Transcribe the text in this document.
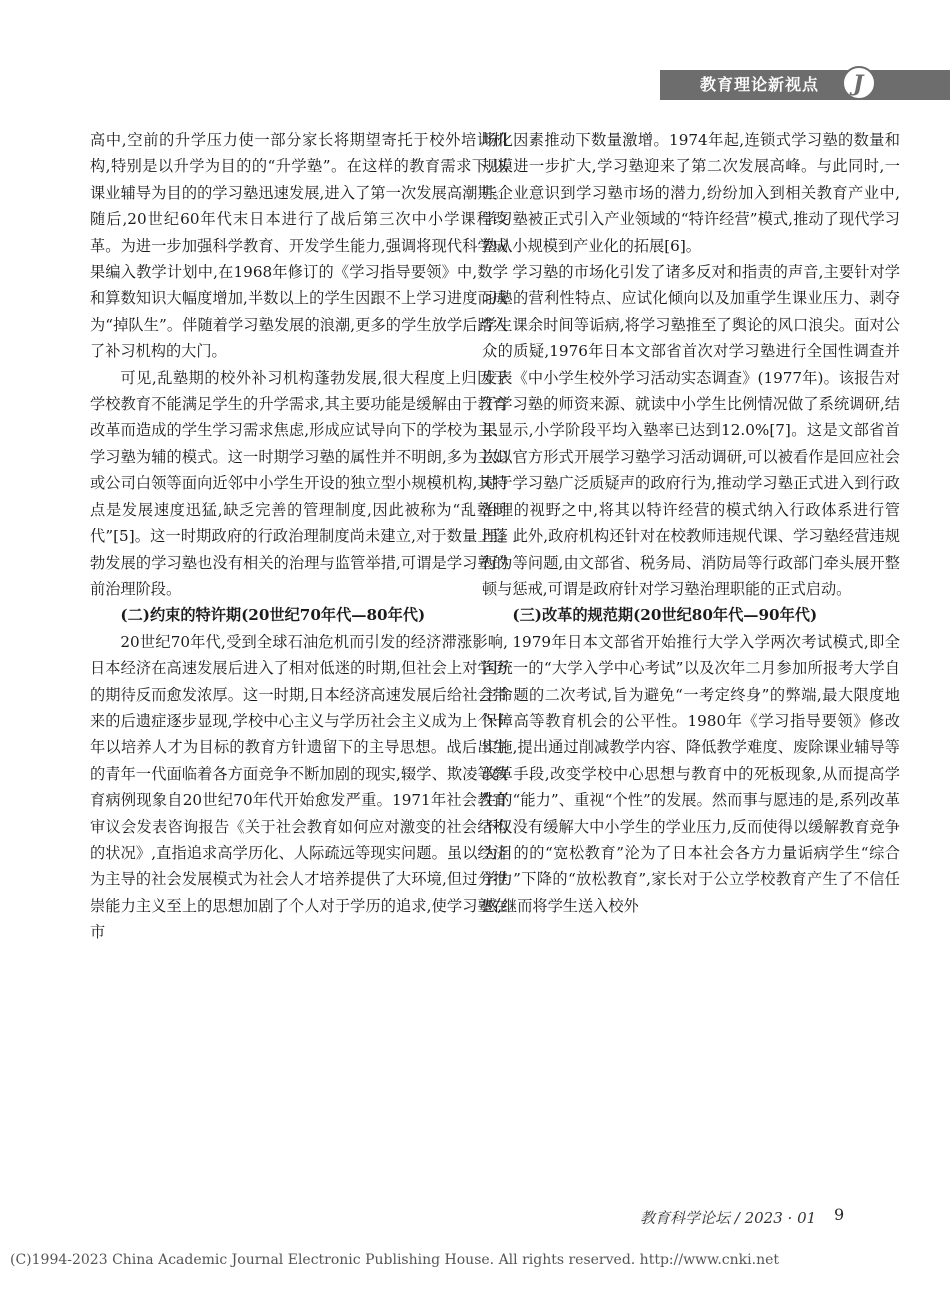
教育理论新视点 J

高中,空前的升学压力使一部分家长将期望寄托于校外培训机构,特别是以升学为目的的“升学塾”。在这样的教育需求下,以课业辅导为目的的学习塾迅速发展,进入了第一次发展高潮期。随后,20世纪60年代末日本进行了战后第三次中小学课程改革。为进一步加强科学教育、开发学生能力,强调将现代科学成果编入教学计划中,在1968年修订的《学习指导要领》中,数学和算数知识大幅度增加,半数以上的学生因跟不上学习进度而成为“掉队生”。伴随着学习塾发展的浪潮,更多的学生放学后踏入了补习机构的大门。

可见,乱塾期的校外补习机构蓬勃发展,很大程度上归因于学校教育不能满足学生的升学需求,其主要功能是缓解由于教育改革而造成的学生学习需求焦虑,形成应试导向下的学校为主、学习塾为辅的模式。这一时期学习塾的属性并不明朗,多为主妇或公司白领等面向近邻中小学生开设的独立型小规模机构,其特点是发展速度迅猛,缺乏完善的管理制度,因此被称为“乱塾时代”[5]。这一时期政府的行政治理制度尚未建立,对于数量上蓬勃发展的学习塾也没有相关的治理与监管举措,可谓是学习塾的前治理阶段。

(二)约束的特许期(20世纪70年代—80年代)

20世纪70年代,受到全球石油危机而引发的经济滞涨影响,日本经济在高速发展后进入了相对低迷的时期,但社会上对学历的期待反而愈发浓厚。这一时期,日本经济高速发展后给社会带来的后遗症逐步显现,学校中心主义与学历社会主义成为上个十年以培养人才为目标的教育方针遗留下的主导思想。战后出生的青年一代面临着各方面竞争不断加剧的现实,辍学、欺凌等教育病例现象自20世纪70年代开始愈发严重。1971年社会教育审议会发表咨询报告《关于社会教育如何应对激变的社会结构的状况》,直指追求高学历化、人际疏远等现实问题。虽以经济为主导的社会发展模式为社会人才培养提供了大环境,但过分推崇能力主义至上的思想加剧了个人对于学历的追求,使学习塾在市

场化因素推动下数量激增。1974年起,连锁式学习塾的数量和规模进一步扩大,学习塾迎来了第二次发展高峰。与此同时,一些企业意识到学习塾市场的潜力,纷纷加入到相关教育产业中,学习塾被正式引入产业领域的“特许经营”模式,推动了现代学习塾从小规模到产业化的拓展[6]。

学习塾的市场化引发了诸多反对和指责的声音,主要针对学习塾的营利性特点、应试化倾向以及加重学生课业压力、剥夺学生课余时间等诟病,将学习塾推至了舆论的风口浪尖。面对公众的质疑,1976年日本文部省首次对学习塾进行全国性调查并发表《中小学生校外学习活动实态调查》(1977年)。该报告对于学习塾的师资来源、就读中小学生比例情况做了系统调研,结果显示,小学阶段平均入塾率已达到12.0%[7]。这是文部省首次以官方形式开展学习塾学习活动调研,可以被看作是回应社会对于学习塾广泛质疑声的政府行为,推动学习塾正式进入到行政治理的视野之中,将其以特许经营的模式纳入行政体系进行管理。此外,政府机构还针对在校教师违规代课、学习塾经营违规行为等问题,由文部省、税务局、消防局等行政部门牵头展开整顿与惩戒,可谓是政府针对学习塾治理职能的正式启动。

(三)改革的规范期(20世纪80年代—90年代)

1979年日本文部省开始推行大学入学两次考试模式,即全国统一的“大学入学中心考试”以及次年二月参加所报考大学自主命题的二次考试,旨为避免“一考定终身”的弊端,最大限度地保障高等教育机会的公平性。1980年《学习指导要领》修改实施,提出通过削减教学内容、降低教学难度、废除课业辅导等改革手段,改变学校中心思想与教育中的死板现象,从而提高学生的“能力”、重视“个性”的发展。然而事与愿违的是,系列改革不仅没有缓解大中小学生的学业压力,反而使得以缓解教育竞争为目的的“宽松教育”沦为了日本社会各方力量诟病学生“综合学力”下降的“放松教育”,家长对于公立学校教育产生了不信任感,继而将学生送入校外

教育科学论坛 / 2023 · 01 9
(C)1994-2023 China Academic Journal Electronic Publishing House. All rights reserved. http://www.cnki.net
